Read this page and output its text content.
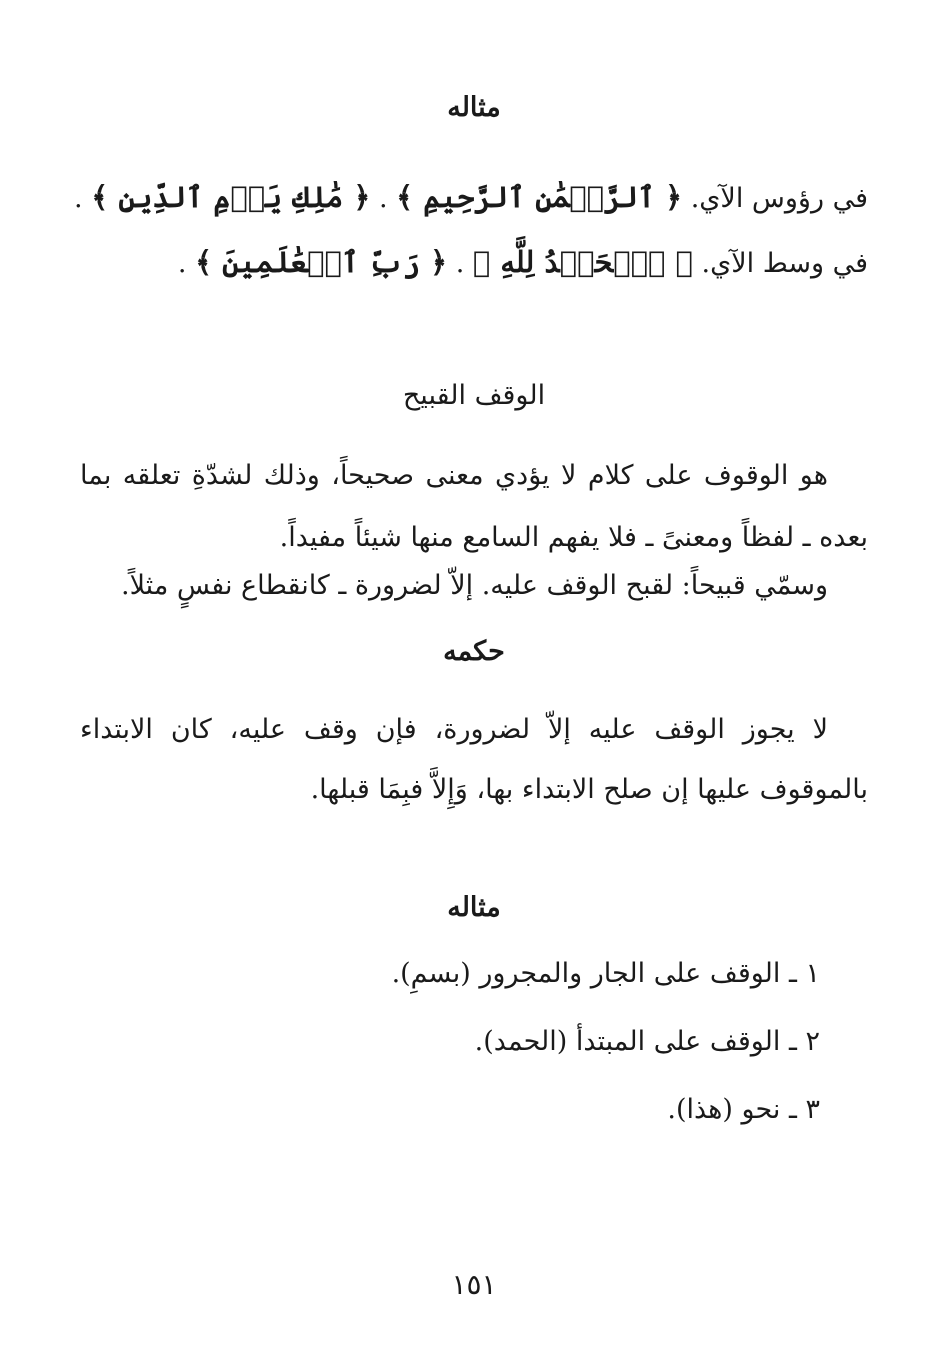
مثاله
في رؤوس الآي. ﴿ ٱلرَّحۡمَٰنِ ٱلرَّحِيمِ ﴾ . ﴿ مَٰلِكِ يَوۡمِ ٱلدِّينِ ﴾ .
في وسط الآي. ﴿ ٱلۡحَمۡدُ لِلَّهِ ﴾ . ﴿ رَبِّ ٱلۡعَٰلَمِينَ ﴾ .
الوقف القبيح
هو الوقوف على كلام لا يؤدي معنى صحيحاً، وذلك لشدّةِ تعلقه بما بعده ـ لفظاً ومعنىً ـ فلا يفهم السامع منها شيئاً مفيداً.
وسمّي قبيحاً: لقبح الوقف عليه. إلاّ لضرورة ـ كانقطاع نفسٍ مثلاً.
حكمه
لا يجوز الوقف عليه إلاّ لضرورة، فإن وقف عليه، كان الابتداء بالموقوف عليها إن صلح الابتداء بها، وَإِلاَّ فبِمَا قبلها.
مثاله
١ ـ الوقف على الجار والمجرور (بسمِ).
٢ ـ الوقف على المبتدأ (الحمد).
٣ ـ نحو (هذا).
١٥١
